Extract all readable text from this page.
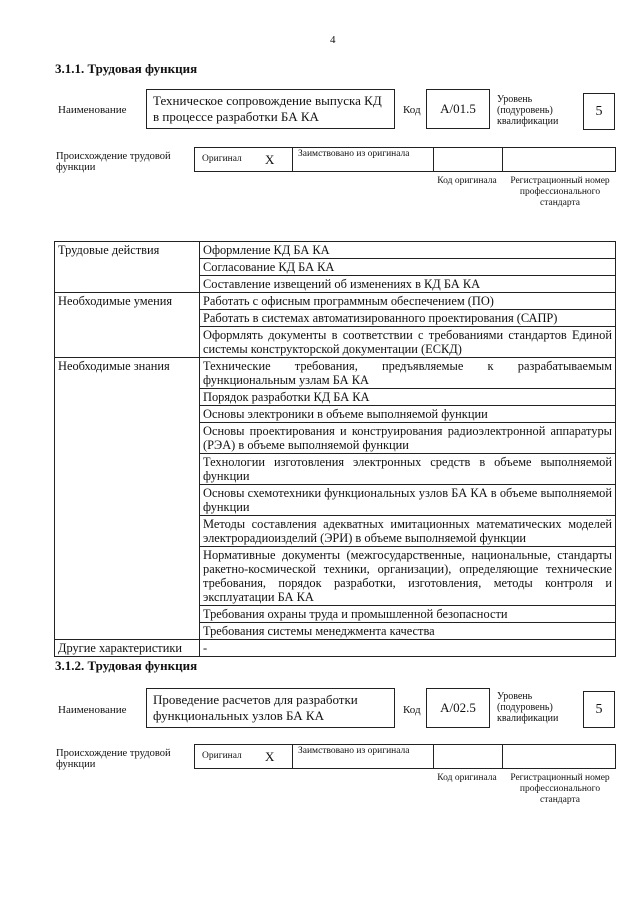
4
3.1.1. Трудовая функция
Наименование
Техническое сопровождение выпуска КД в процессе разработки БА КА	Код	A/01.5
Уровень (подуровень) квалификации
5
Происхождение трудовой функции
Оригинал X Заимствовано из оригинала
Код оригинала	Регистрационный номер профессионального стандарта
Трудовые действия	Оформление КД БА КА
	Согласование КД БА КА
	Составление извещений об изменениях в КД БА КА
Необходимые умения	Работать с офисным программным обеспечением (ПО)
	Работать в системах автоматизированного проектирования (САПР)
	Оформлять документы в соответствии с требованиями стандартов Единой системы конструкторской документации (ЕСКД)
Необходимые знания	Технические требования, предъявляемые к разрабатываемым функциональным узлам БА КА
	Порядок разработки КД БА КА
	Основы электроники в объеме выполняемой функции
	Основы проектирования и конструирования радиоэлектронной аппаратуры (РЭА) в объеме выполняемой функции
	Технологии изготовления электронных средств в объеме выполняемой функции
	Основы схемотехники функциональных узлов БА КА в объеме выполняемой функции
	Методы составления адекватных имитационных математических моделей электрорадиоизделий (ЭРИ) в объеме выполняемой функции
	Нормативные документы (межгосударственные, национальные, стандарты ракетно-космической техники, организации), определяющие технические требования, порядок разработки, изготовления, методы контроля и эксплуатации БА КА
	Требования охраны труда и промышленной безопасности
	Требования системы менеджмента качества
Другие характеристики	-
3.1.2. Трудовая функция
Наименование
Проведение расчетов для разработки функциональных узлов БА КА	Код	A/02.5
Уровень (подуровень) квалификации
5
Происхождение трудовой функции
Оригинал X Заимствовано из оригинала
Код оригинала	Регистрационный номер профессионального стандарта
